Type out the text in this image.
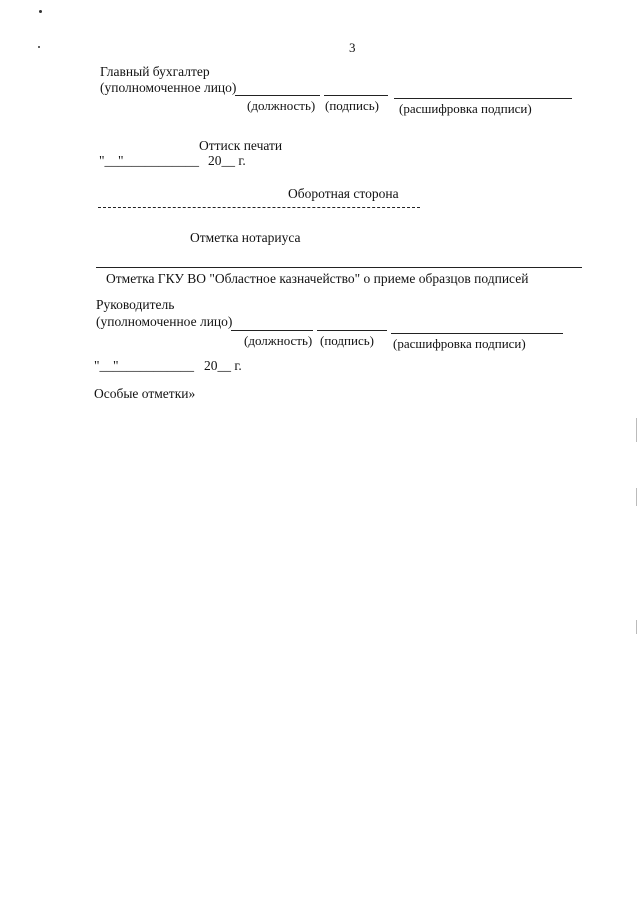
3
Главный бухгалтер
(уполномоченное лицо)
(должность) (подпись) (расшифровка подписи)
Оттиск печати
"__"
____________ 20__ г.
Оборотная сторона
Отметка нотариуса
Отметка ГКУ ВО "Областное казначейство" о приеме образцов подписей
Руководитель
(уполномоченное лицо)
(должность) (подпись) (расшифровка подписи)
"__"
____________ 20__ г.
Особые отметки»
